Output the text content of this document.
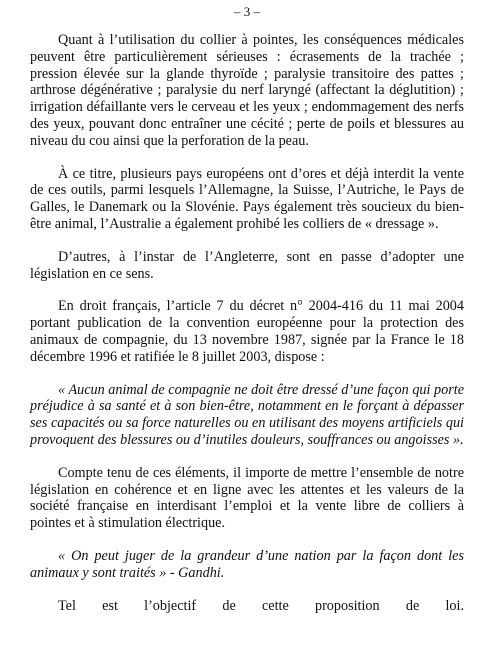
– 3 –

Quant à l’utilisation du collier à pointes, les conséquences médicales peuvent être particulièrement sérieuses : écrasements de la trachée ; pression élevée sur la glande thyroïde ; paralysie transitoire des pattes ; arthrose dégénérative ; paralysie du nerf laryngé (affectant la déglutition) ; irrigation défaillante vers le cerveau et les yeux ; endommagement des nerfs des yeux, pouvant donc entraîner une cécité ; perte de poils et blessures au niveau du cou ainsi que la perforation de la peau.

À ce titre, plusieurs pays européens ont d’ores et déjà interdit la vente de ces outils, parmi lesquels l’Allemagne, la Suisse, l’Autriche, le Pays de Galles, le Danemark ou la Slovénie. Pays également très soucieux du bien-être animal, l’Australie a également prohibé les colliers de « dressage ».

D’autres, à l’instar de l’Angleterre, sont en passe d’adopter une législation en ce sens.

En droit français, l’article 7 du décret n° 2004-416 du 11 mai 2004 portant publication de la convention européenne pour la protection des animaux de compagnie, du 13 novembre 1987, signée par la France le 18 décembre 1996 et ratifiée le 8 juillet 2003, dispose :

« Aucun animal de compagnie ne doit être dressé d’une façon qui porte préjudice à sa santé et à son bien-être, notamment en le forçant à dépasser ses capacités ou sa force naturelles ou en utilisant des moyens artificiels qui provoquent des blessures ou d’inutiles douleurs, souffrances ou angoisses ».

Compte tenu de ces éléments, il importe de mettre l’ensemble de notre législation en cohérence et en ligne avec les attentes et les valeurs de la société française en interdisant l’emploi et la vente libre de colliers à pointes et à stimulation électrique.

« On peut juger de la grandeur d’une nation par la façon dont les animaux y sont traités » - Gandhi.

Tel est l’objectif de cette proposition de loi.
